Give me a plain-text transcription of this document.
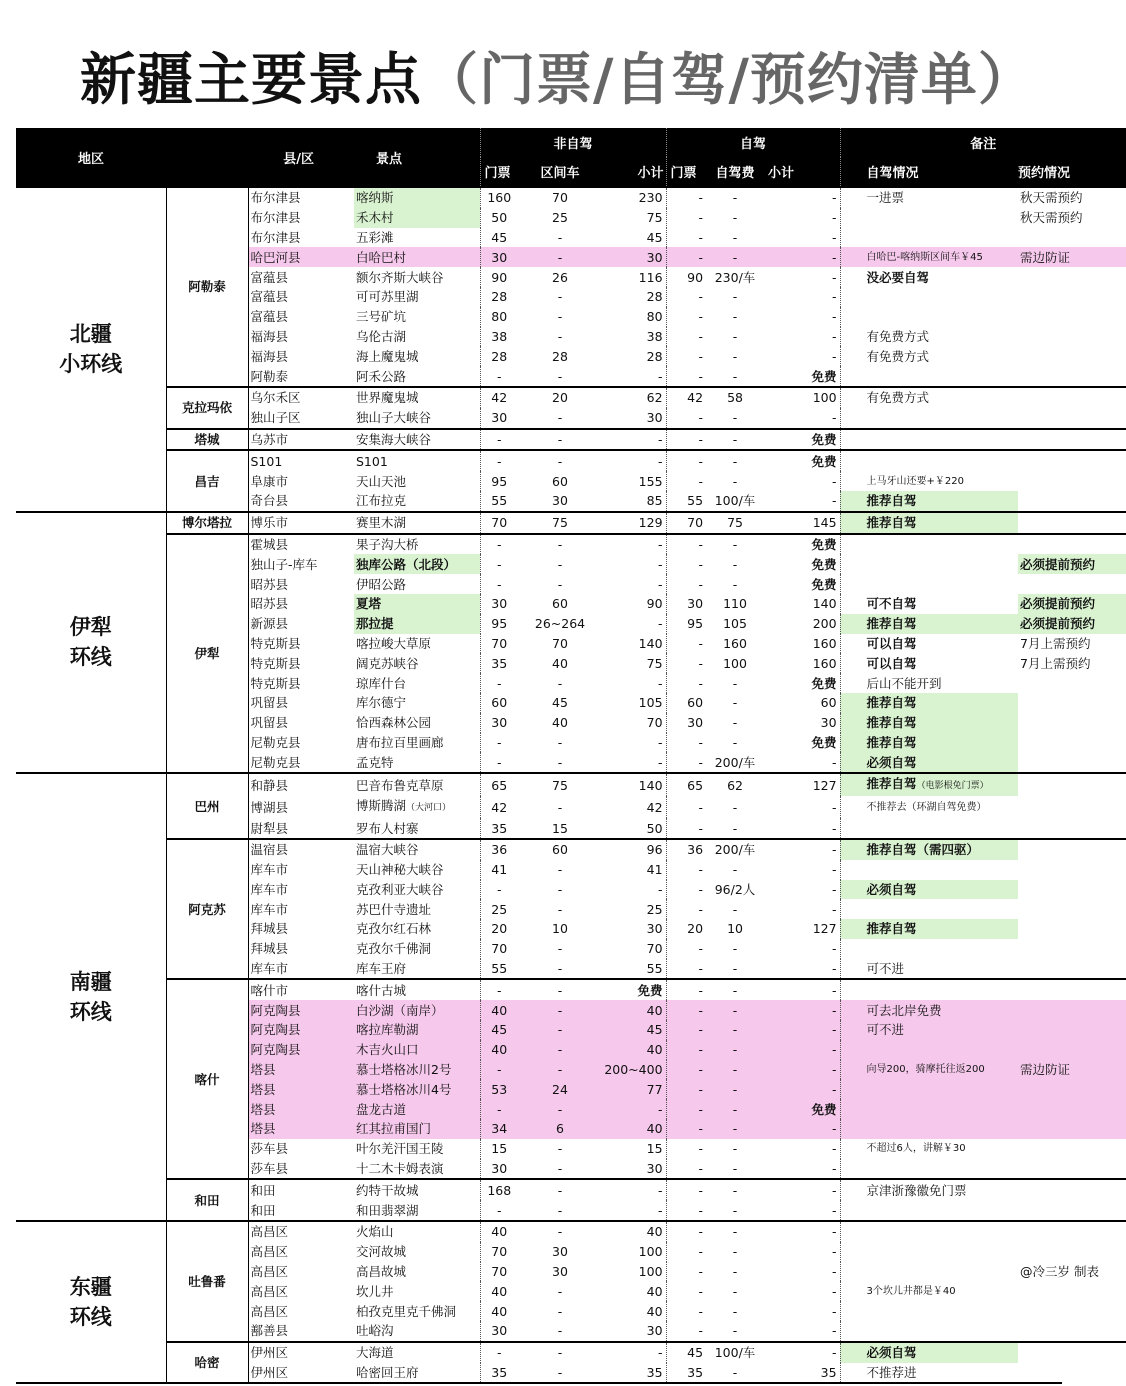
新疆主要景点（门票/自驾/预约清单）
地区	县/区		景点	非自驾			自驾			备注	
				门票	区间车	小计	门票	自驾费	小计	自驾情况	预约情况
北疆
小环线	阿勒泰	布尔津县	喀纳斯	160	70	230	-	-	-	一进票	秋天需预约
		布尔津县	禾木村	50	25	75	-	-	-		秋天需预约
		布尔津县	五彩滩	45	-	45	-	-	-		
		哈巴河县	白哈巴村	30	-	30	-	-	-	白哈巴-喀纳斯区间车￥45	需边防证
		富蕴县	额尔齐斯大峡谷	90	26	116	90	230/车	-	没必要自驾	
		富蕴县	可可苏里湖	28	-	28	-	-	-		
		富蕴县	三号矿坑	80	-	80	-	-	-		
		福海县	乌伦古湖	38	-	38	-	-	-	有免费方式	
		福海县	海上魔鬼城	28	28	28	-	-	-	有免费方式	
		阿勒泰	阿禾公路	-	-	-	-	-	免费		
	克拉玛依	乌尔禾区	世界魔鬼城	42	20	62	42	58	100	有免费方式	
		独山子区	独山子大峡谷	30	-	30	-	-	-		
	塔城	乌苏市	安集海大峡谷	-	-	-	-	-	免费		
	昌吉	S101	S101	-	-	-	-	-	免费		
		阜康市	天山天池	95	60	155	-	-	-	上马牙山还要+￥220	
		奇台县	江布拉克	55	30	85	55	100/车	-	推荐自驾	
伊犁
环线	博尔塔拉	博乐市	赛里木湖	70	75	129	70	75	145	推荐自驾	
	伊犁	霍城县	果子沟大桥	-	-	-	-	-	免费		
		独山子-库车	独库公路（北段）	-	-	-	-	-	免费		必须提前预约
		昭苏县	伊昭公路	-	-	-	-	-	免费		
		昭苏县	夏塔	30	60	90	30	110	140	可不自驾	必须提前预约
		新源县	那拉提	95	26~264	-	95	105	200	推荐自驾	必须提前预约
		特克斯县	喀拉峻大草原	70	70	140	-	160	160	可以自驾	7月上需预约
		特克斯县	阔克苏峡谷	35	40	75	-	100	160	可以自驾	7月上需预约
		特克斯县	琼库什台	-	-	-	-	-	免费	后山不能开到	
		巩留县	库尔德宁	60	45	105	60	-	60	推荐自驾	
		巩留县	恰西森林公园	30	40	70	30	-	30	推荐自驾	
		尼勒克县	唐布拉百里画廊	-	-	-	-	-	免费	推荐自驾	
		尼勒克县	孟克特	-	-	-	-	200/车	-	必须自驾	
南疆
环线	巴州	和静县	巴音布鲁克草原	65	75	140	65	62	127	推荐自驾（电影根免门票）	
		博湖县	博斯腾湖（大河口）	42	-	42	-	-	-	不推荐去（环湖自驾免费）	
		尉犁县	罗布人村寨	35	15	50	-	-	-		
	阿克苏	温宿县	温宿大峡谷	36	60	96	36	200/车	-	推荐自驾（需四驱）	
		库车市	天山神秘大峡谷	41	-	41	-	-	-		
		库车市	克孜利亚大峡谷	-	-	-	-	96/2人	-	必须自驾	
		库车市	苏巴什寺遗址	25	-	25	-	-	-		
		拜城县	克孜尔红石林	20	10	30	20	10	127	推荐自驾	
		拜城县	克孜尔千佛洞	70	-	70	-	-	-		
		库车市	库车王府	55	-	55	-	-	-	可不进	
	喀什	喀什市	喀什古城	-	-	免费	-	-	-		
		阿克陶县	白沙湖（南岸）	40	-	40	-	-	-	可去北岸免费	
		阿克陶县	喀拉库勒湖	45	-	45	-	-	-	可不进	
		阿克陶县	木吉火山口	40	-	40	-	-	-		
		塔县	慕士塔格冰川2号	-	-	200~400	-	-	-	向导200，骑摩托往返200	需边防证
		塔县	慕士塔格冰川4号	53	24	77	-	-	-		
		塔县	盘龙古道	-	-	-	-	-	免费		
		塔县	红其拉甫国门	34	6	40	-	-	-		
		莎车县	叶尔羌汗国王陵	15	-	15	-	-	-	不超过6人，讲解￥30	
		莎车县	十二木卡姆表演	30	-	30	-	-	-		
	和田	和田	约特干故城	168	-	-	-	-	-	京津浙豫徽免门票	
		和田	和田翡翠湖	-	-	-	-	-	-		
东疆
环线	吐鲁番	高昌区	火焰山	40	-	40	-	-	-		
		高昌区	交河故城	70	30	100	-	-	-		
		高昌区	高昌故城	70	30	100	-	-	-		@冷三岁 制表
		高昌区	坎儿井	40	-	40	-	-	-	3个坎儿井都是￥40	
		高昌区	柏孜克里克千佛洞	40	-	40	-	-	-		
		鄯善县	吐峪沟	30	-	30	-	-	-		
	哈密	伊州区	大海道	-	-	-	45	100/车	-	必须自驾	
		伊州区	哈密回王府	35	-	35	35	-	35	不推荐进	
